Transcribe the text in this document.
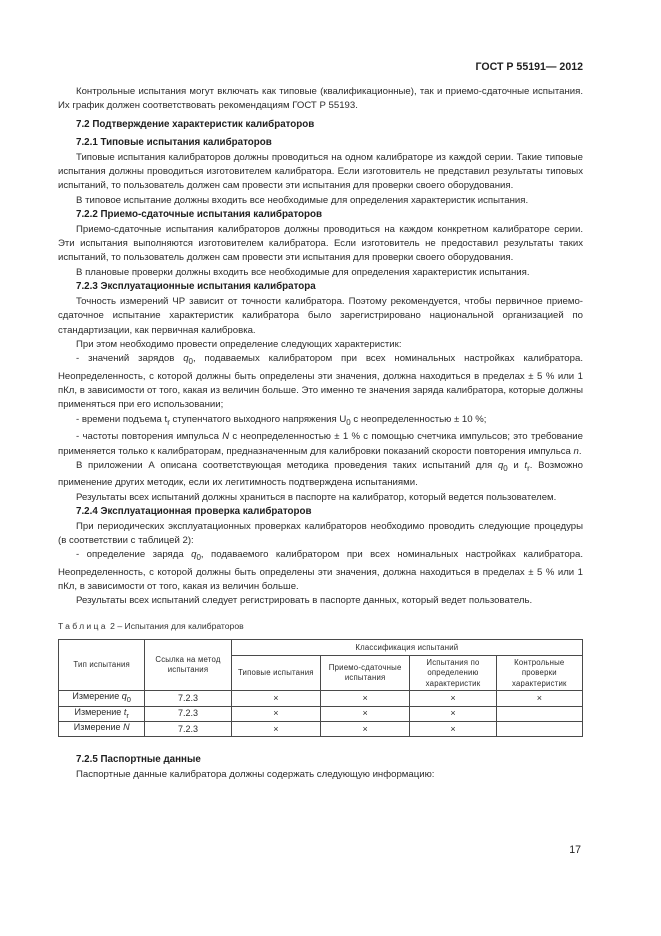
ГОСТ Р 55191— 2012

Контрольные испытания могут включать как типовые (квалификационные), так и приемо-сдаточные испытания. Их график должен соответствовать рекомендациям ГОСТ Р 55193.

7.2 Подтверждение характеристик калибраторов
7.2.1 Типовые испытания калибраторов

Типовые испытания калибраторов должны проводиться на одном калибраторе из каждой серии. Такие типовые испытания должны проводиться изготовителем калибратора. Если изготовитель не представил результаты типовых испытаний, то пользователь должен сам провести эти испытания для проверки своего оборудования.

В типовое испытание должны входить все необходимые для определения характеристик испытания.

7.2.2 Приемо-сдаточные испытания калибраторов

Приемо-сдаточные испытания калибраторов должны проводиться на каждом конкретном калибраторе серии. Эти испытания выполняются изготовителем калибратора. Если изготовитель не предоставил результаты таких испытаний, то пользователь должен сам провести эти испытания для проверки своего оборудования.

В плановые проверки должны входить все необходимые для определения характеристик испытания.

7.2.3 Эксплуатационные испытания калибратора

Точность измерений ЧР зависит от точности калибратора. Поэтому рекомендуется, чтобы первичное приемо-сдаточное испытание характеристик калибратора было зарегистрировано национальной организацией по стандартизации, как первичная калибровка.

При этом необходимо провести определение следующих характеристик:

- значений зарядов $q_0$, подаваемых калибратором при всех номинальных настройках калибратора. Неопределенность, с которой должны быть определены эти значения, должна находиться в пределах ± 5 % или 1 пКл, в зависимости от того, какая из величин больше. Это именно те значения заряда калибратора, которые должны применяться при его использовании;

- времени подъема $t_r$ ступенчатого выходного напряжения $U_0$ с неопределенностью ± 10 %;

- частоты повторения импульса N с неопределенностью ± 1 % с помощью счетчика импульсов; это требование применяется только к калибраторам, предназначенным для калибровки показаний скорости повторения импульса n.

В приложении А описана соответствующая методика проведения таких испытаний для $q_0$ и $t_r$. Возможно применение других методик, если их легитимность подтверждена испытаниями.

Результаты всех испытаний должны храниться в паспорте на калибратор, который ведется пользователем.

7.2.4 Эксплуатационная проверка калибраторов

При периодических эксплуатационных проверках калибраторов необходимо проводить следующие процедуры (в соответствии с таблицей 2):

- определение заряда $q_0$, подаваемого калибратором при всех номинальных настройках калибратора. Неопределенность, с которой должны быть определены эти значения, должна находиться в пределах ± 5 % или 1 пКл, в зависимости от того, какая из величин больше.

Результаты всех испытаний следует регистрировать в паспорте данных, который ведет пользователь.

Таблица 2 – Испытания для калибраторов
Тип испытания	Ссылка на метод испытания	Классификация испытаний			
		Типовые испытания	Приемо-сдаточные испытания	Испытания по определению характеристик	Контрольные проверки характеристик
Измерение $q_0$	7.2.3	×	×	×	×
Измерение $t_r$	7.2.3	×	×	×	
Измерение N	7.2.3	×	×	×	
7.2.5 Паспортные данные

Паспортные данные калибратора должны содержать следующую информацию:

17
